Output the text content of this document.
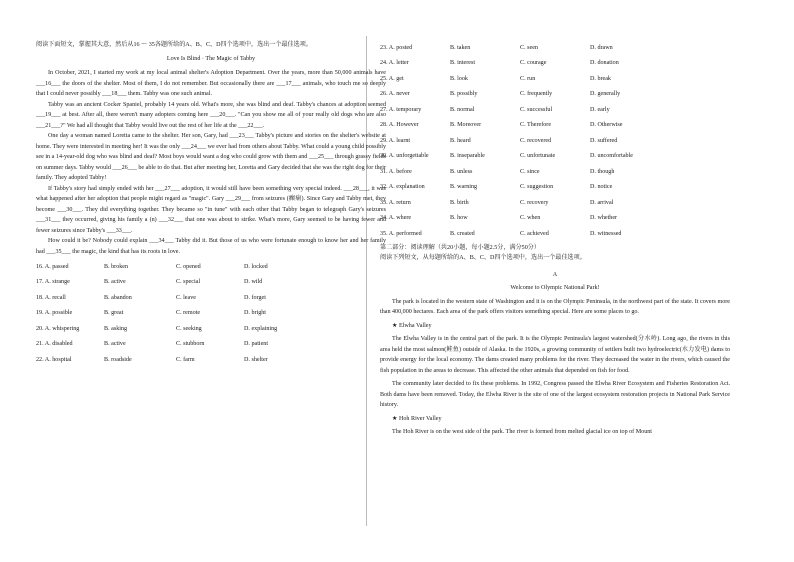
阅读下面短文，掌握其大意，然后从16 ～ 35各题所给的A、B、C、D四个选项中，选出一个最佳选项。

Love Is Blind · The Magic of Tabby

In October, 2021, I started my work at my local animal shelter's Adoption Department. Over the years, more than 50,000 animals have ___16___ the doors of the shelter. Most of them, I do not remember. But occasionally there are ___17___ animals, who touch me so deeply that I could never possibly ___18___ them. Tabby was one such animal.

Tabby was an ancient Cocker Spaniel, probably 14 years old. What's more, she was blind and deaf. Tabby's chances at adoption seemed ___19___ at best. After all, there weren't many adopters coming here ___20___. "Can you show me all of your really old dogs who are also ___21___?" We had all thought that Tabby would live out the rest of her life at the ___22___.

One day a woman named Loretta came to the shelter. Her son, Gary, had ___23___ Tabby's picture and stories on the shelter's website at home. They were interested in meeting her! It was the only ___24___ we ever had from others about Tabby. What could a young child possibly see in a 14-year-old dog who was blind and deaf? Most boys would want a dog who could grow with them and ___25___ through grassy fields on summer days. Tabby would ___26___ be able to do that. But after meeting her, Loretta and Gary decided that she was the right dog for their family. They adopted Tabby!

If Tabby's story had simply ended with her ___27___ adoption, it would still have been something very special indeed. ___28___, it was what happened after her adoption that people might regard as "magic". Gary ___29___ from seizures (癫痫). Since Gary and Tabby met, they become ___30___. They did everything together. They became so "in tune" with each other that Tabby began to telegraph Gary's seizures ___31___ they occurred, giving his family a (n) ___32___ that one was about to strike. What's more, Gary seemed to be having fewer and fewer seizures since Tabby's ___33___.

How could it be? Nobody could explain ___34___ Tabby did it. But those of us who were fortunate enough to know her and her family had ___35___ the magic, the kind that has its roots in love.

16. A. passed	B. broken	C. opened	D. locked
17. A. strange	B. active	C. special	D. wild
18. A. recall	B. abandon	C. leave	D. forget
19. A. possible	B. great	C. remote	D. bright
20. A. whispering	B. asking	C. seeking	D. explaining
21. A. disabled	B. active	C. stubborn	D. patient
22. A. hospital	B. roadside	C. farm	D. shelter
23. A. posted	B. taken	C. seen	D. drawn
24. A. letter	B. interest	C. courage	D. donation
25. A. get	B. look	C. run	D. break
26. A. never	B. possibly	C. frequently	D. generally
27. A. temporary	B. normal	C. successful	D. early
28. A. However	B. Moreover	C. Therefore	D. Otherwise
29. A. learnt	B. heard	C. recovered	D. suffered
30. A. unforgettable	B. inseparable	C. unfortunate	D. uncomfortable
31. A. before	B. unless	C. since	D. though
32. A. explanation	B. warning	C. suggestion	D. notice
33. A. return	B. birth	C. recovery	D. arrival
34. A. where	B. how	C. when	D. whether
35. A. performed	B. created	C. achieved	D. witnessed

第二部分：阅读理解（共20小题，每小题2.5分，满分50分）

阅读下列短文，从每题所给的A、B、C、D四个选项中，选出一个最佳选项。

A

Welcome to Olympic National Park!

The park is located in the western state of Washington and it is on the Olympic Peninsula, in the northwest part of the state. It covers more than 400,000 hectares. Each area of the park offers visitors something special. Here are some places to go.

★ Elwha Valley

The Elwha Valley is in the central part of the park. It is the Olympic Peninsula's largest watershed(分水岭). Long ago, the rivers in this area held the most salmon(鲑鱼) outside of Alaska. In the 1920s, a growing community of settlers built two hydroelectric(水力发电) dams to provide energy for the local economy. The dams created many problems for the river. They decreased the water in the rivers, which caused the fish population in the areas to decrease. This affected the other animals that depended on fish for food.

The community later decided to fix these problems. In 1992, Congress passed the Elwha River Ecosystem and Fisheries Restoration Act. Both dams have been removed. Today, the Elwha River is the site of one of the largest ecosystem restoration projects in National Park Service history.

★ Hoh River Valley

The Hoh River is on the west side of the park. The river is formed from melted glacial ice on top of Mount
